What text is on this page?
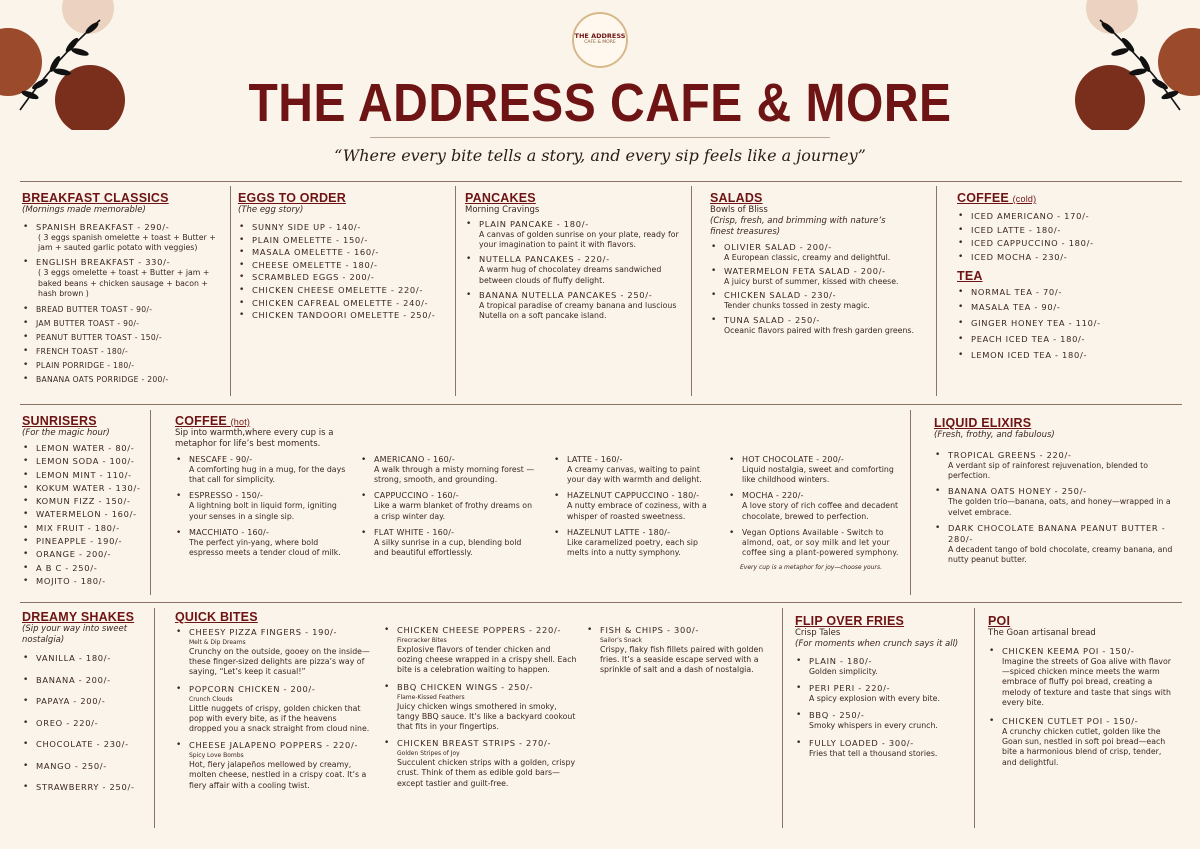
THE ADDRESS
CAFE & MORE
THE ADDRESS CAFE & MORE
“Where every bite tells a story, and every sip feels like a journey”
BREAKFAST CLASSICS
(Mornings made memorable)
• SPANISH BREAKFAST - 290/-
( 3 eggs spanish omelette + toast + Butter + jam + sauted garlic potato with veggies)
• ENGLISH BREAKFAST - 330/-
( 3 eggs omelette + toast + Butter + jam + baked beans + chicken sausage + bacon + hash brown )
• BREAD BUTTER TOAST - 90/-
• JAM BUTTER TOAST - 90/-
• PEANUT BUTTER TOAST - 150/-
• FRENCH TOAST - 180/-
• PLAIN PORRIDGE - 180/-
• BANANA OATS PORRIDGE - 200/-
EGGS TO ORDER
(The egg story)
• SUNNY SIDE UP - 140/-
• PLAIN OMELETTE - 150/-
• MASALA OMELETTE - 160/-
• CHEESE OMELETTE - 180/-
• SCRAMBLED EGGS - 200/-
• CHICKEN CHEESE OMELETTE - 220/-
• CHICKEN CAFREAL OMELETTE - 240/-
• CHICKEN TANDOORI OMELETTE - 250/-
PANCAKES
Morning Cravings
• PLAIN PANCAKE - 180/-
A canvas of golden sunrise on your plate, ready for your imagination to paint it with flavors.
• NUTELLA PANCAKES - 220/-
A warm hug of chocolatey dreams sandwiched between clouds of fluffy delight.
• BANANA NUTELLA PANCAKES - 250/-
A tropical paradise of creamy banana and luscious Nutella on a soft pancake island.
SALADS
Bowls of Bliss
(Crisp, fresh, and brimming with nature’s finest treasures)
• OLIVIER SALAD - 200/-
A European classic, creamy and delightful.
• WATERMELON FETA SALAD - 200/-
A juicy burst of summer, kissed with cheese.
• CHICKEN SALAD - 230/-
Tender chunks tossed in zesty magic.
• TUNA SALAD - 250/-
Oceanic flavors paired with fresh garden greens.
COFFEE (cold)
• ICED AMERICANO - 170/-
• ICED LATTE - 180/-
• ICED CAPPUCCINO - 180/-
• ICED MOCHA - 230/-
TEA
• NORMAL TEA - 70/-
• MASALA TEA - 90/-
• GINGER HONEY TEA - 110/-
• PEACH ICED TEA - 180/-
• LEMON ICED TEA - 180/-
SUNRISERS
(For the magic hour)
• LEMON WATER - 80/-
• LEMON SODA - 100/-
• LEMON MINT - 110/-
• KOKUM WATER - 130/-
• KOMUN FIZZ - 150/-
• WATERMELON - 160/-
• MIX FRUIT - 180/-
• PINEAPPLE - 190/-
• ORANGE - 200/-
• A B C - 250/-
• MOJITO - 180/-
COFFEE (hot)
Sip into warmth,where every cup is a metaphor for life’s best moments.
• NESCAFE - 90/-
A comforting hug in a mug, for the days that call for simplicity.
• ESPRESSO - 150/-
A lightning bolt in liquid form, igniting your senses in a single sip.
• MACCHIATO - 160/-
The perfect yin-yang, where bold espresso meets a tender cloud of milk.
• AMERICANO - 160/-
A walk through a misty morning forest —strong, smooth, and grounding.
• CAPPUCCINO - 160/-
Like a warm blanket of frothy dreams on a crisp winter day.
• FLAT WHITE - 160/-
A silky sunrise in a cup, blending bold and beautiful effortlessly.
• LATTE - 160/-
A creamy canvas, waiting to paint your day with warmth and delight.
• HAZELNUT CAPPUCCINO - 180/-
A nutty embrace of coziness, with a whisper of roasted sweetness.
• HAZELNUT LATTE - 180/-
Like caramelized poetry, each sip melts into a nutty symphony.
• HOT CHOCOLATE - 200/-
Liquid nostalgia, sweet and comforting like childhood winters.
• MOCHA - 220/-
A love story of rich coffee and decadent chocolate, brewed to perfection.
• Vegan Options Available - Switch to almond, oat, or soy milk and let your coffee sing a plant-powered symphony.
Every cup is a metaphor for joy—choose yours.
LIQUID ELIXIRS
(Fresh, frothy, and fabulous)
• TROPICAL GREENS - 220/-
A verdant sip of rainforest rejuvenation, blended to perfection.
• BANANA OATS HONEY - 250/-
The golden trio—banana, oats, and honey—wrapped in a velvet embrace.
• DARK CHOCOLATE BANANA PEANUT BUTTER - 280/-
A decadent tango of bold chocolate, creamy banana, and nutty peanut butter.
DREAMY SHAKES
(Sip your way into sweet nostalgia)
• VANILLA - 180/-
• BANANA - 200/-
• PAPAYA - 200/-
• OREO - 220/-
• CHOCOLATE - 230/-
• MANGO - 250/-
• STRAWBERRY - 250/-
QUICK BITES
• CHEESY PIZZA FINGERS - 190/-
Melt & Dip Dreams
Crunchy on the outside, gooey on the inside—these finger-sized delights are pizza’s way of saying, “Let’s keep it casual!”
• POPCORN CHICKEN - 200/-
Crunch Clouds
Little nuggets of crispy, golden chicken that pop with every bite, as if the heavens dropped you a snack straight from cloud nine.
• CHEESE JALAPENO POPPERS - 220/-
Spicy Love Bombs
Hot, fiery jalapeños mellowed by creamy, molten cheese, nestled in a crispy coat. It’s a fiery affair with a cooling twist.
• CHICKEN CHEESE POPPERS - 220/-
Firecracker Bites
Explosive flavors of tender chicken and oozing cheese wrapped in a crispy shell. Each bite is a celebration waiting to happen.
• BBQ CHICKEN WINGS - 250/-
Flame-Kissed Feathers
Juicy chicken wings smothered in smoky, tangy BBQ sauce. It’s like a backyard cookout that fits in your fingertips.
• CHICKEN BREAST STRIPS - 270/-
Golden Stripes of Joy
Succulent chicken strips with a golden, crispy crust. Think of them as edible gold bars—except tastier and guilt-free.
• FISH & CHIPS - 300/-
Sailor’s Snack
Crispy, flaky fish fillets paired with golden fries. It’s a seaside escape served with a sprinkle of salt and a dash of nostalgia.
FLIP OVER FRIES
Crisp Tales
(For moments when crunch says it all)
• PLAIN - 180/-
Golden simplicity.
• PERI PERI - 220/-
A spicy explosion with every bite.
• BBQ - 250/-
Smoky whispers in every crunch.
• FULLY LOADED - 300/-
Fries that tell a thousand stories.
POI
The Goan artisanal bread
• CHICKEN KEEMA POI - 150/-
Imagine the streets of Goa alive with flavor—spiced chicken mince meets the warm embrace of fluffy poi bread, creating a melody of texture and taste that sings with every bite.
• CHICKEN CUTLET POI - 150/-
A crunchy chicken cutlet, golden like the Goan sun, nestled in soft poi bread—each bite a harmonious blend of crisp, tender, and delightful.
